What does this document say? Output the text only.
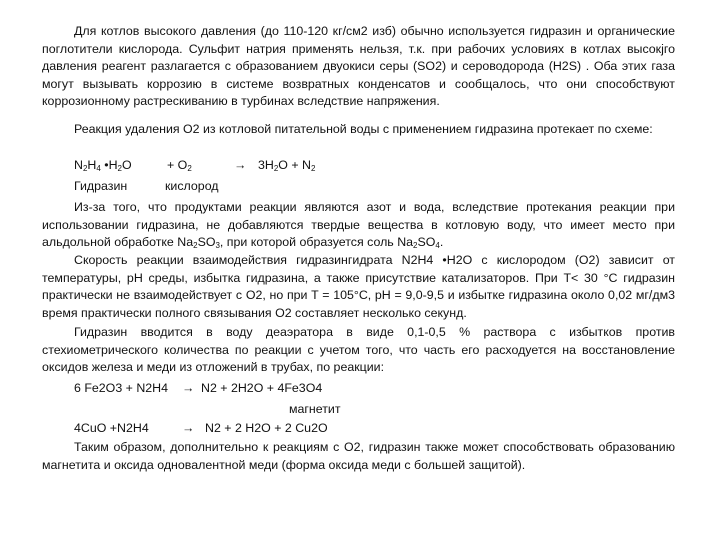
Для котлов высокого давления (до 110-120 кг/см2 изб) обычно используется гидразин и органические поглотители кислорода. Сульфит натрия применять нельзя, т.к. при рабочих условиях в котлах высокјго давления реагент разлагается с образованием двуокиси серы (SO2) и сероводорода (H2S) . Оба этих газа могут вызывать коррозию в системе возвратных конденсатов и сообщалось, что они способствуют коррозионному растрескиванию в турбинах вследствие напряжения.

Реакция удаления O2 из котловой питательной воды с применением гидразина протекает по схеме:

$N_2H_4$ $•H_2O$	+ $O_2$	→ $3H_2O + N_2$
Гидразин	кислород

Из-за того, что продуктами реакции являются азот и вода, вследствие протекания реакции при использовании гидразина, не добавляются твердые вещества в котловую воду, что имеет место при альдольной обработке $Na_2SO_3$, при которой образуется соль $Na_2SO_4$.

Скорость реакции взаимодействия гидразингидрата N2H4 •H2O с кислородом (O2) зависит от температуры, рН среды, избытка гидразина, а также присутствие катализаторов. При T< 30 °C гидразин практически не взаимодействует с O2, но при T = 105°C, рН = 9,0-9,5 и избытке гидразина около 0,02 мг/дм3 время практически полного связывания O2 составляет несколько секунд.

Гидразин вводится в воду деаэратора в виде 0,1-0,5 % раствора с избытков против стехиометрического количества по реакции с учетом того, что часть его расходуется на восстановление оксидов железа и меди из отложений в трубах, по реакции:

6 Fe2O3 + N2H4 → N2 + 2H2O + 4Fe3O4
магнетит
4CuO +N2H4	→ N2 + 2 H2O + 2 Cu2O

Таким образом, дополнительно к реакциям с O2, гидразин также может способствовать образованию магнетита и оксида одновалентной меди (форма оксида меди с большей защитой).
